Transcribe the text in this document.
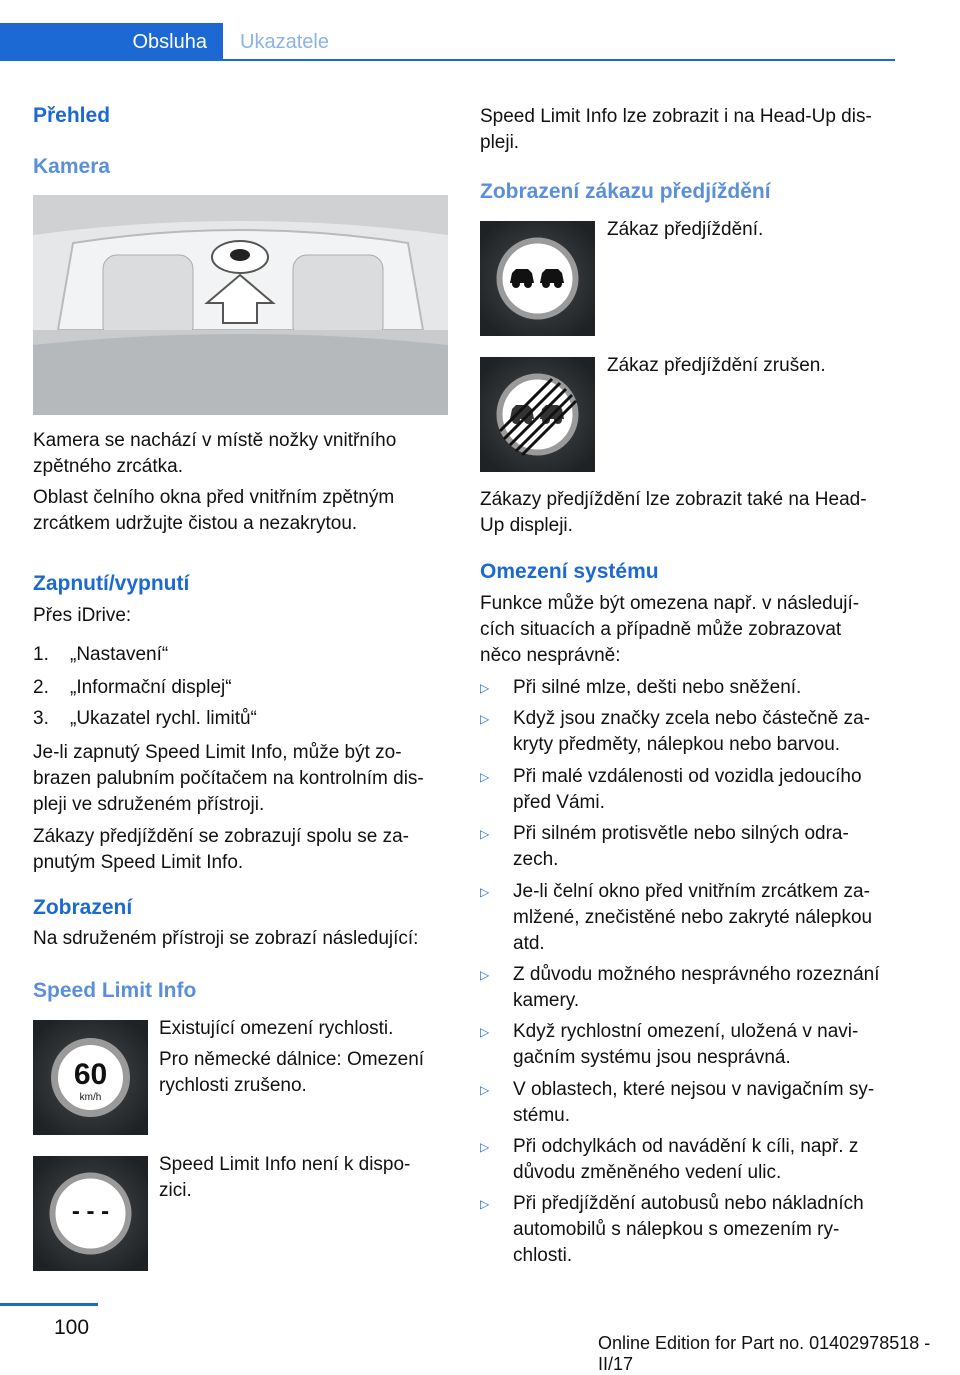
Obsluha	Ukazatele
Přehled
Kamera
Kamera se nachází v místě nožky vnitřního
zpětného zrcátka.
Oblast čelního okna před vnitřním zpětným
zrcátkem udržujte čistou a nezakrytou.
Zapnutí/vypnutí
Přes iDrive:
1. „Nastavení“
2. „Informační displej“
3. „Ukazatel rychl. limitů“
Je-li zapnutý Speed Limit Info, může být zo-
brazen palubním počítačem na kontrolním dis-
pleji ve sdruženém přístroji.
Zákazy předjíždění se zobrazují spolu se za-
pnutým Speed Limit Info.
Zobrazení
Na sdruženém přístroji se zobrazí následující:
Speed Limit Info
60
km/h
Existující omezení rychlosti.
Pro německé dálnice: Omezení
rychlosti zrušeno.
- - -
Speed Limit Info není k dispo-
zici.
Speed Limit Info lze zobrazit i na Head-Up dis-
pleji.
Zobrazení zákazu předjíždění
Zákaz předjíždění.
Zákaz předjíždění zrušen.
Zákazy předjíždění lze zobrazit také na Head-
Up displeji.
Omezení systému
Funkce může být omezena např. v následují-
cích situacích a případně může zobrazovat
něco nesprávně:
▷ Při silné mlze, dešti nebo sněžení.
▷ Když jsou značky zcela nebo částečně za-
kryty předměty, nálepkou nebo barvou.
▷ Při malé vzdálenosti od vozidla jedoucího
před Vámi.
▷ Při silném protisvětle nebo silných odra-
zech.
▷ Je-li čelní okno před vnitřním zrcátkem za-
mlžené, znečistěné nebo zakryté nálepkou
atd.
▷ Z důvodu možného nesprávného rozeznání
kamery.
▷ Když rychlostní omezení, uložená v navi-
gačním systému jsou nesprávná.
▷ V oblastech, které nejsou v navigačním sy-
stému.
▷ Při odchylkách od navádění k cíli, např. z
důvodu změněného vedení ulic.
▷ Při předjíždění autobusů nebo nákladních
automobilů s nálepkou s omezením ry-
chlosti.
100
Online Edition for Part no. 01402978518 - II/17
